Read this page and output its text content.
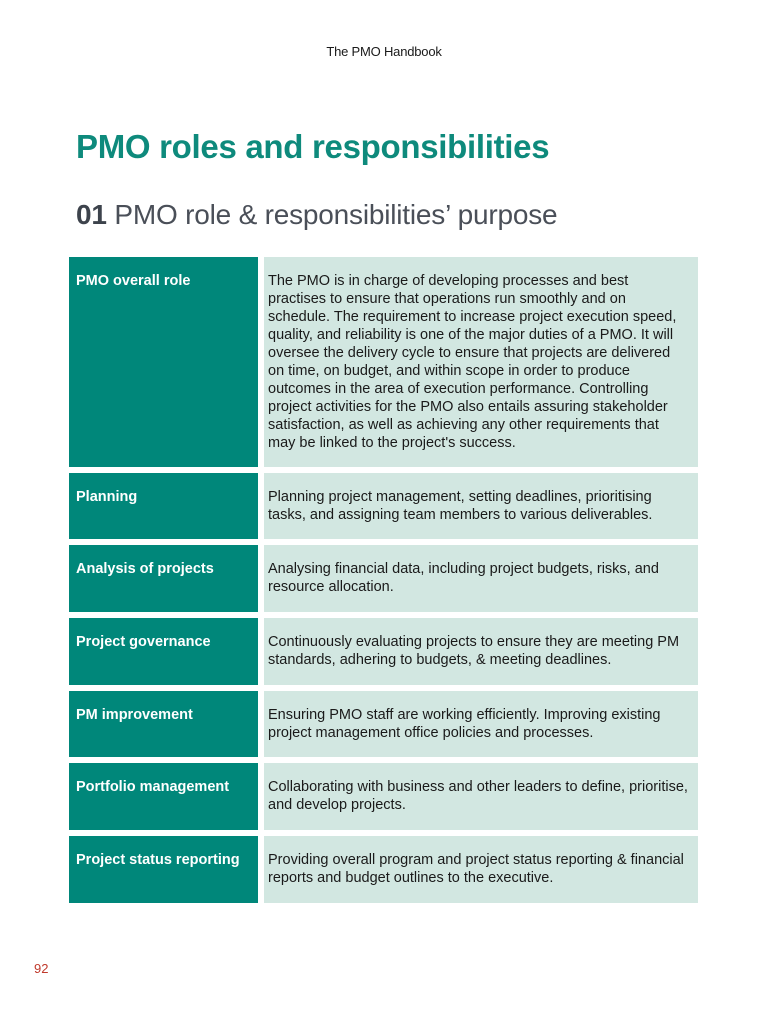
The PMO Handbook
PMO roles and responsibilities
01 PMO role & responsibilities’ purpose
PMO overall role	The PMO is in charge of developing processes and best practises to ensure that operations run smoothly and on schedule. The requirement to increase project execution speed, quality, and reliability is one of the major duties of a PMO. It will oversee the delivery cycle to ensure that projects are delivered on time, on budget, and within scope in order to produce outcomes in the area of execution performance. Controlling project activities for the PMO also entails assuring stakeholder satisfaction, as well as achieving any other requirements that may be linked to the project's success.
Planning	Planning project management, setting deadlines, prioritising tasks, and assigning team members to various deliverables.
Analysis of projects	Analysing financial data, including project budgets, risks, and resource allocation.
Project governance	Continuously evaluating projects to ensure they are meeting PM standards, adhering to budgets, & meeting deadlines.
PM improvement	Ensuring PMO staff are working efficiently. Improving existing project management office policies and processes.
Portfolio management	Collaborating with business and other leaders to define, prioritise, and develop projects.
Project status reporting	Providing overall program and project status reporting & financial reports and budget outlines to the executive.
92
